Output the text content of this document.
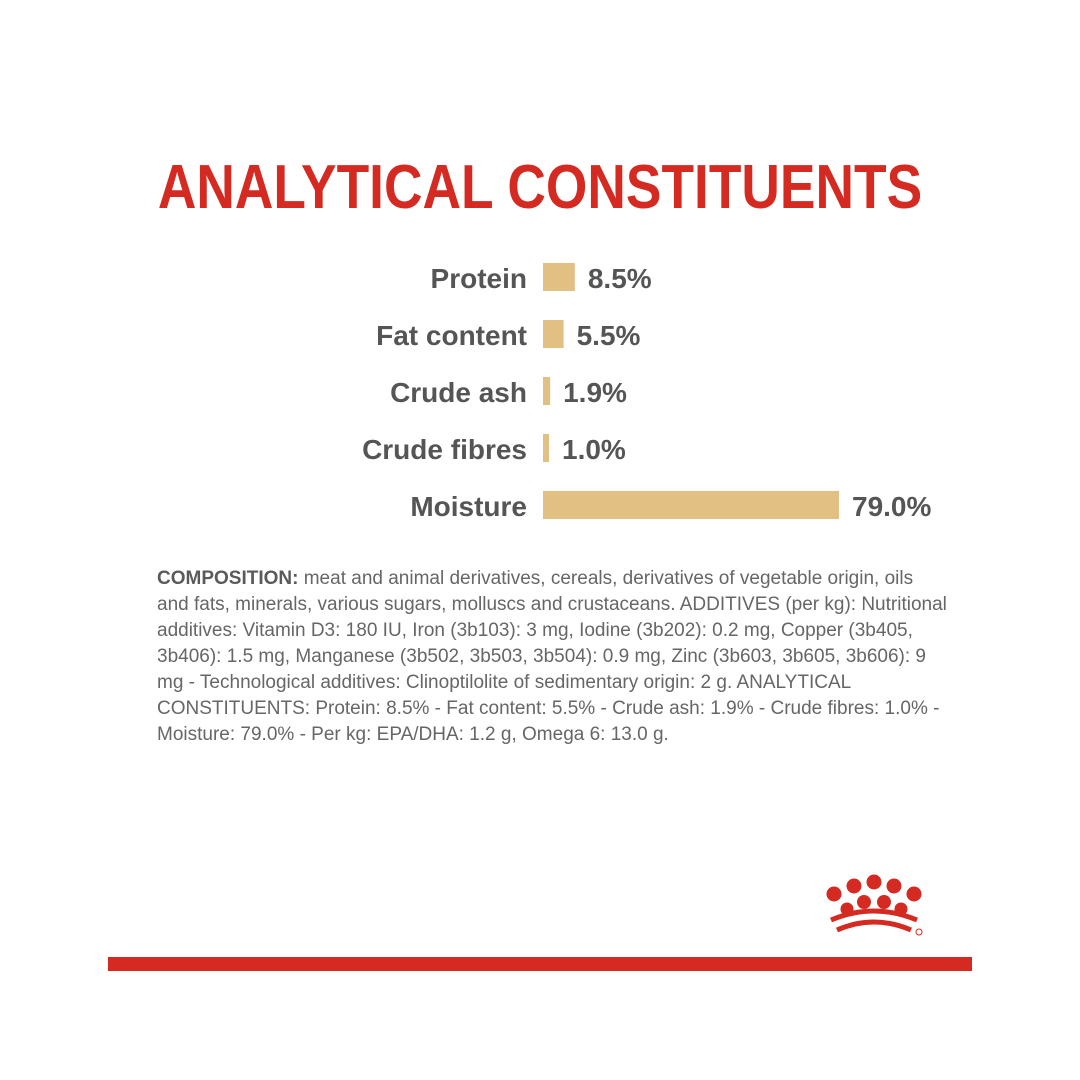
ANALYTICAL CONSTITUENTS
Protein 8.5%
Fat content 5.5%
Crude ash 1.9%
Crude fibres 1.0%
Moisture	79.0%
COMPOSITION: meat and animal derivatives, cereals, derivatives of vegetable origin, oils and fats, minerals, various sugars, molluscs and crustaceans. ADDITIVES (per kg): Nutritional additives: Vitamin D3: 180 IU, Iron (3b103): 3 mg, Iodine (3b202): 0.2 mg, Copper (3b405, 3b406): 1.5 mg, Manganese (3b502, 3b503, 3b504): 0.9 mg, Zinc (3b603, 3b605, 3b606): 9 mg - Technological additives: Clinoptilolite of sedimentary origin: 2 g. ANALYTICAL CONSTITUENTS: Protein: 8.5% - Fat content: 5.5% - Crude ash: 1.9% - Crude fibres: 1.0% - Moisture: 79.0% - Per kg: EPA/DHA: 1.2 g, Omega 6: 13.0 g.
